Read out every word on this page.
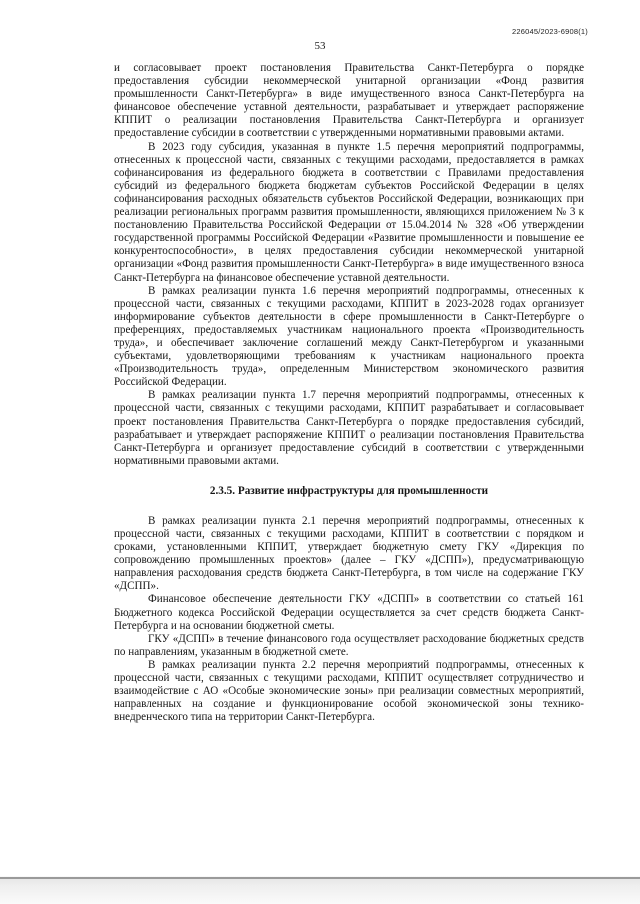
226045/2023-6908(1)
53

и согласовывает проект постановления Правительства Санкт-Петербурга о порядке предоставления субсидии некоммерческой унитарной организации «Фонд развития промышленности Санкт-Петербурга» в виде имущественного взноса Санкт-Петербурга на финансовое обеспечение уставной деятельности, разрабатывает и утверждает распоряжение КППИТ о реализации постановления Правительства Санкт-Петербурга и организует предоставление субсидии в соответствии с утвержденными нормативными правовыми актами.

В 2023 году субсидия, указанная в пункте 1.5 перечня мероприятий подпрограммы, отнесенных к процессной части, связанных с текущими расходами, предоставляется в рамках софинансирования из федерального бюджета в соответствии с Правилами предоставления субсидий из федерального бюджета бюджетам субъектов Российской Федерации в целях софинансирования расходных обязательств субъектов Российской Федерации, возникающих при реализации региональных программ развития промышленности, являющихся приложением № 3 к постановлению Правительства Российской Федерации от 15.04.2014 № 328 «Об утверждении государственной программы Российской Федерации «Развитие промышленности и повышение ее конкурентоспособности», в целях предоставления субсидии некоммерческой унитарной организации «Фонд развития промышленности Санкт-Петербурга» в виде имущественного взноса Санкт-Петербурга на финансовое обеспечение уставной деятельности.

В рамках реализации пункта 1.6 перечня мероприятий подпрограммы, отнесенных к процессной части, связанных с текущими расходами, КППИТ в 2023-2028 годах организует информирование субъектов деятельности в сфере промышленности в Санкт-Петербурге о преференциях, предоставляемых участникам национального проекта «Производительность труда», и обеспечивает заключение соглашений между Санкт-Петербургом и указанными субъектами, удовлетворяющими требованиям к участникам национального проекта «Производительность труда», определенным Министерством экономического развития Российской Федерации.

В рамках реализации пункта 1.7 перечня мероприятий подпрограммы, отнесенных к процессной части, связанных с текущими расходами, КППИТ разрабатывает и согласовывает проект постановления Правительства Санкт-Петербурга о порядке предоставления субсидий, разрабатывает и утверждает распоряжение КППИТ о реализации постановления Правительства Санкт-Петербурга и организует предоставление субсидий в соответствии с утвержденными нормативными правовыми актами.

2.3.5. Развитие инфраструктуры для промышленности

В рамках реализации пункта 2.1 перечня мероприятий подпрограммы, отнесенных к процессной части, связанных с текущими расходами, КППИТ в соответствии с порядком и сроками, установленными КППИТ, утверждает бюджетную смету ГКУ «Дирекция по сопровождению промышленных проектов» (далее – ГКУ «ДСПП»), предусматривающую направления расходования средств бюджета Санкт-Петербурга, в том числе на содержание ГКУ «ДСПП».

Финансовое обеспечение деятельности ГКУ «ДСПП» в соответствии со статьей 161 Бюджетного кодекса Российской Федерации осуществляется за счет средств бюджета Санкт-Петербурга и на основании бюджетной сметы.

ГКУ «ДСПП» в течение финансового года осуществляет расходование бюджетных средств по направлениям, указанным в бюджетной смете.

В рамках реализации пункта 2.2 перечня мероприятий подпрограммы, отнесенных к процессной части, связанных с текущими расходами, КППИТ осуществляет сотрудничество и взаимодействие с АО «Особые экономические зоны» при реализации совместных мероприятий, направленных на создание и функционирование особой экономической зоны технико-внедренческого типа на территории Санкт-Петербурга.
